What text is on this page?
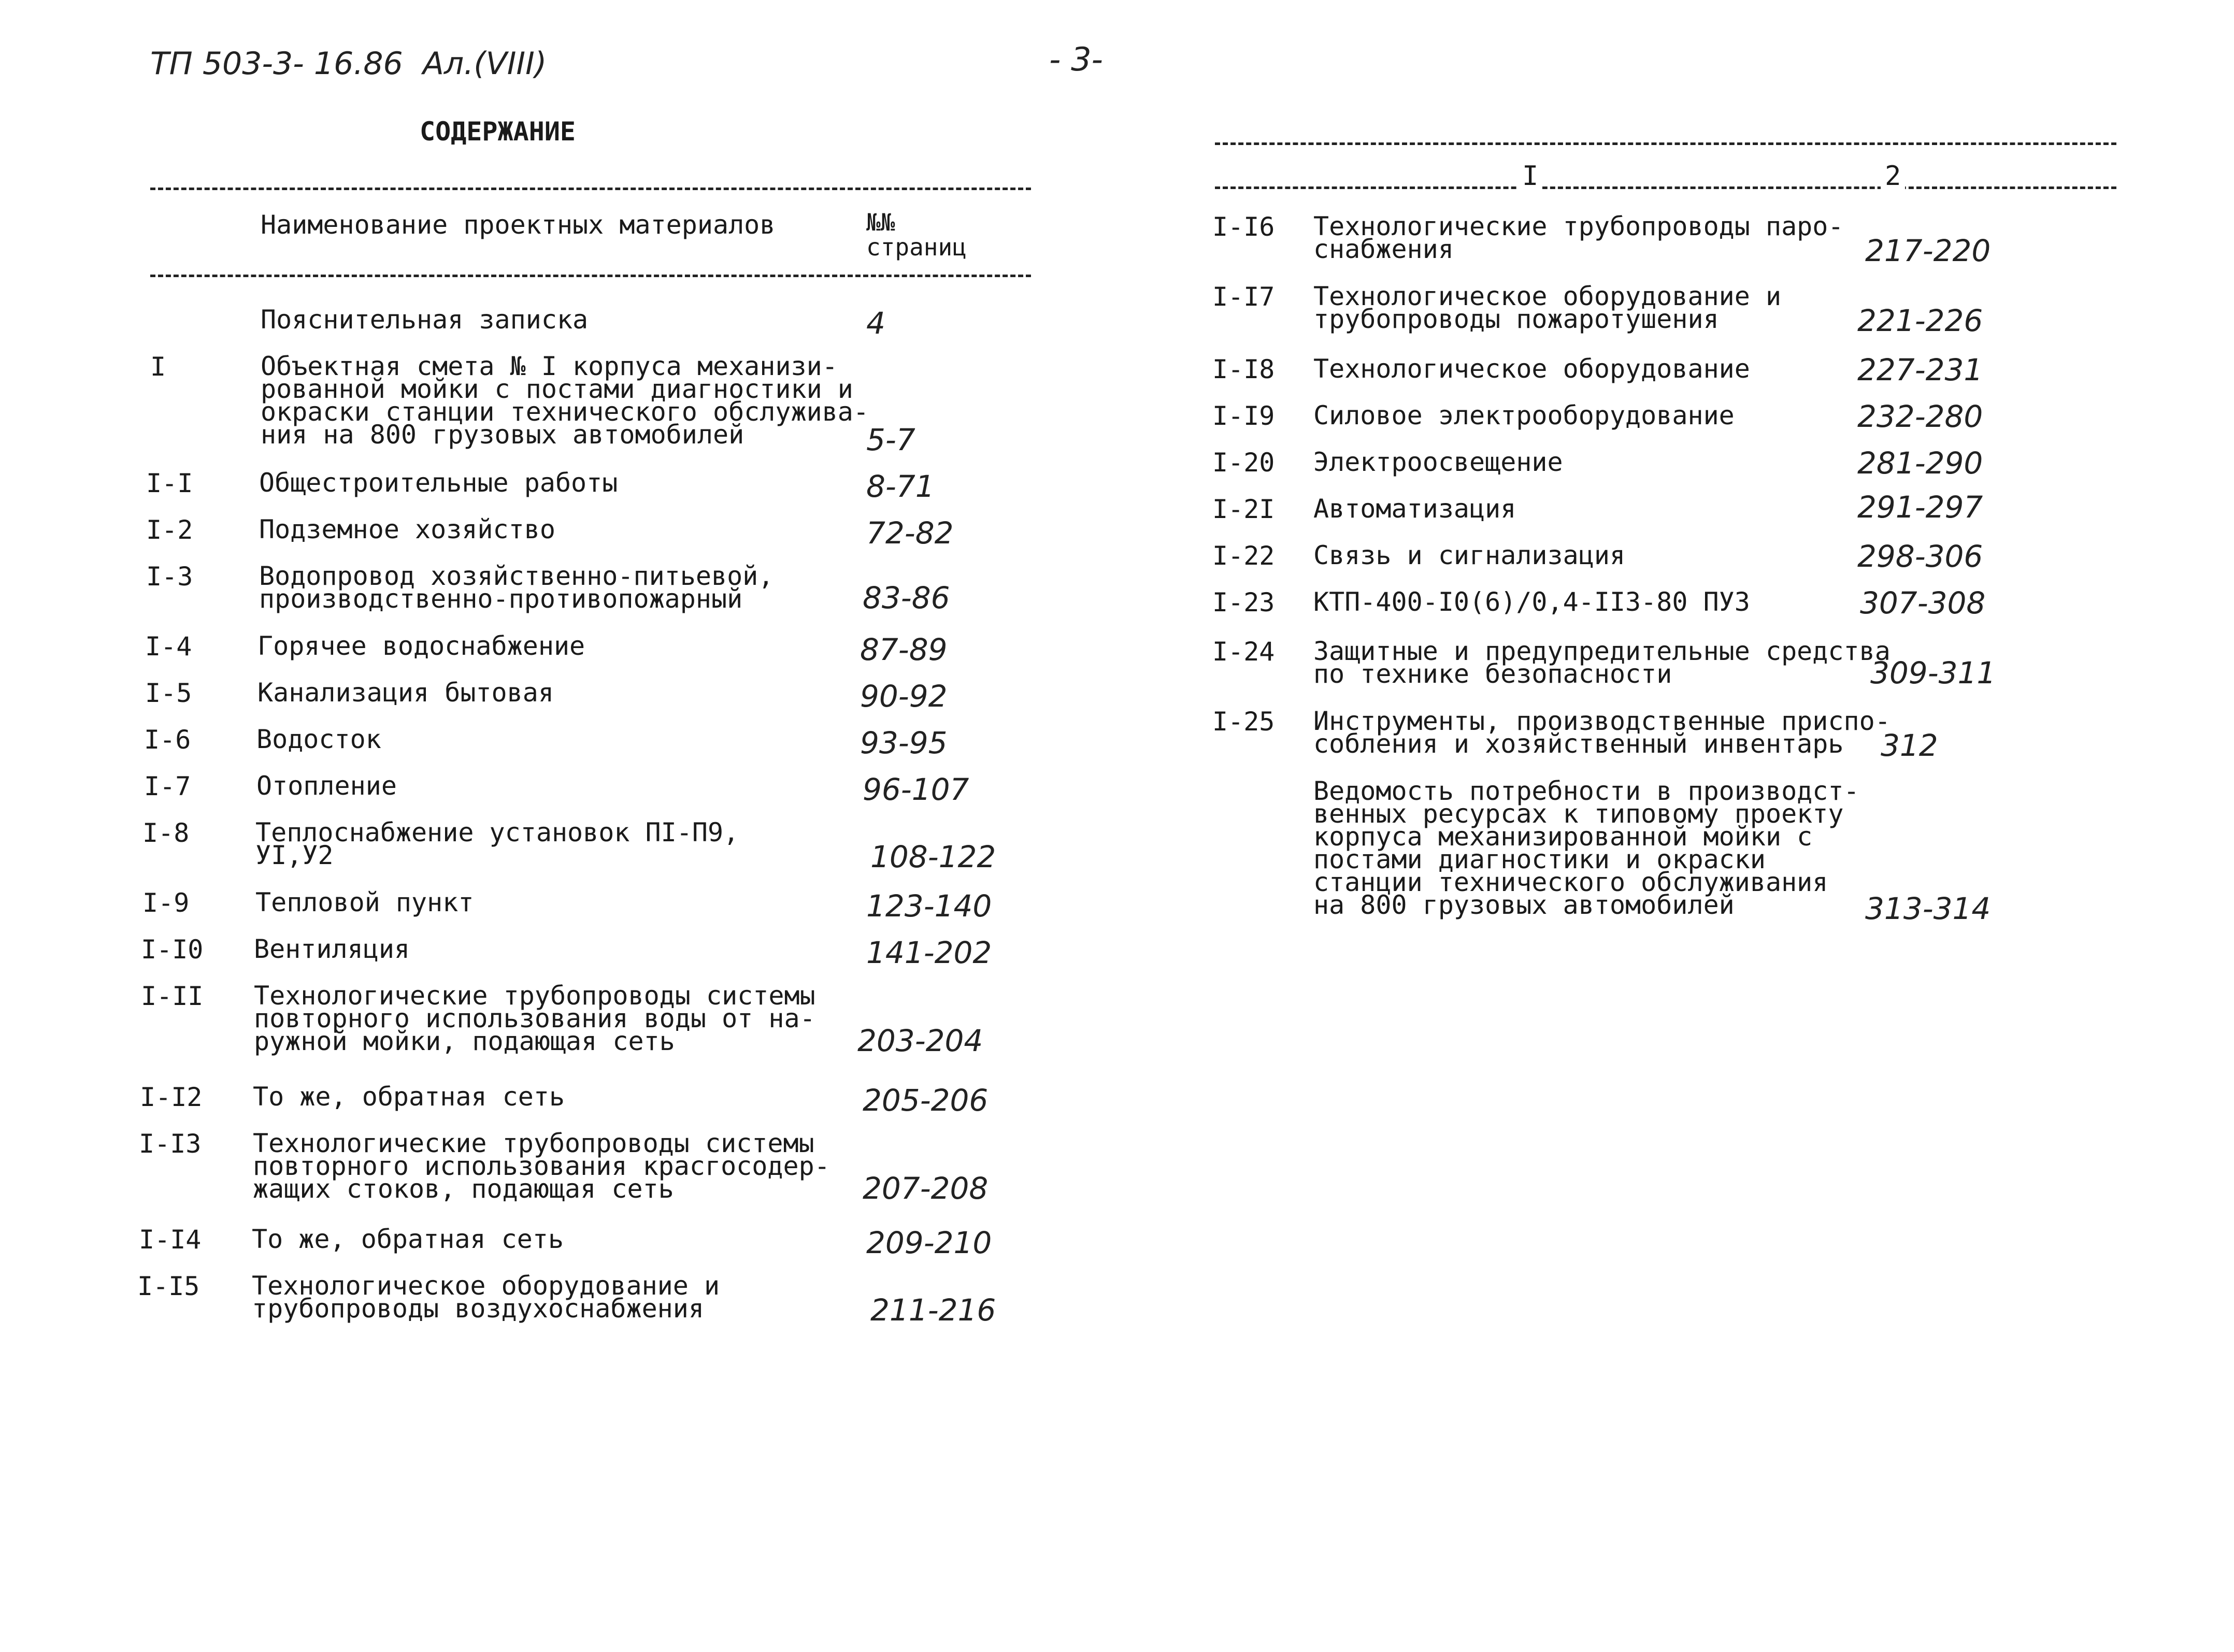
ТП 503-3- 16.86  Ал.(VIII)	- 3-
СОДЕРЖАНИЕ
Наименование проектных материалов	№№
страниц
Пояснительная записка	4
I	Объектная смета № I корпуса механизи-
рованной мойки с постами диагностики и
окраски станции технического обслужива-
ния на 800 грузовых автомобилей	5-7
I-I	Общестроительные работы	8-71
I-2	Подземное хозяйство	72-82
I-3	Водопровод хозяйственно-питьевой,
производственно-противопожарный	83-86
I-4	Горячее водоснабжение	87-89
I-5	Канализация бытовая	90-92
I-6	Водосток	93-95
I-7	Отопление	96-107
I-8	Теплоснабжение установок ПI-П9,
УI,У2	108-122
I-9	Тепловой пункт	123-140
I-I0 Вентиляция	141-202
I-II Технологические трубопроводы системы
повторного использования воды от на-
ружной мойки, подающая сеть	203-204
I-I2 То же, обратная сеть	205-206
I-I3 Технологические трубопроводы системы
повторного использования красгосодер-
жащих стоков, подающая сеть	207-208
I-I4 То же, обратная сеть	209-210
I-I5 Технологическое оборудование и
трубопроводы воздухоснабжения	211-216
I	2
I-I6 Технологические трубопроводы паро-
снабжения	217-220
I-I7 Технологическое оборудование и
трубопроводы пожаротушения	221-226
I-I8 Технологическое оборудование	227-231
I-I9 Силовое электрооборудование	232-280
I-20 Электроосвещение	281-290
I-2I Автоматизация	291-297
I-22 Связь и сигнализация	298-306
I-23 КТП-400-I0(6)/0,4-II3-80 ПУЗ	307-308
I-24 Защитные и предупредительные средства
по технике безопасности	309-311
I-25 Инструменты, производственные приспо-
собления и хозяйственный инвентарь	312
Ведомость потребности в производст-
венных ресурсах к типовому проекту
корпуса механизированной мойки с
постами диагностики и окраски
станции технического обслуживания
на 800 грузовых автомобилей	313-314
